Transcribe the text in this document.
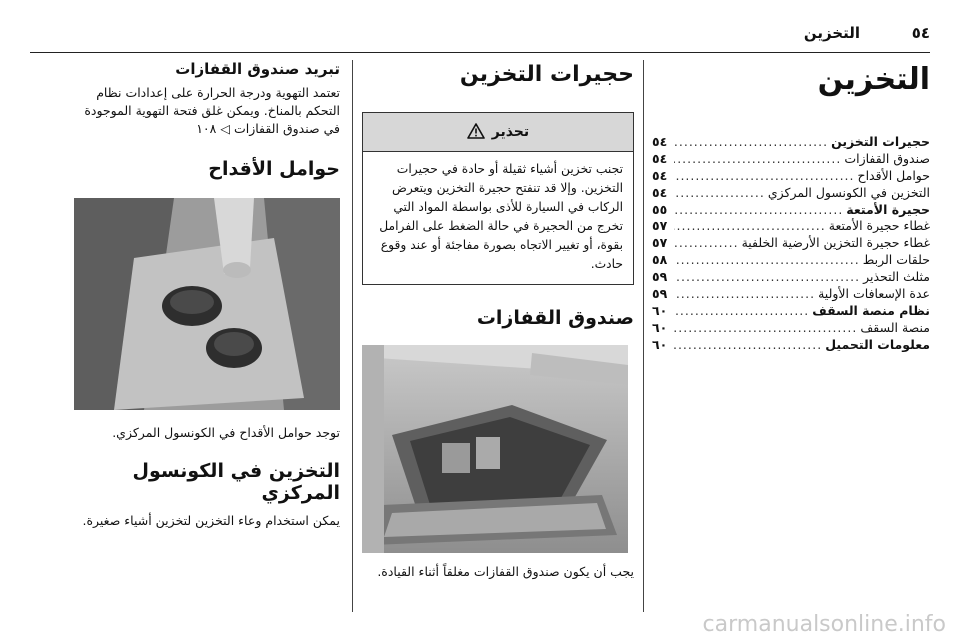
٥٤
التخزين
التخزين
حجيرات التخزين
.....
٥٤
صندوق القفازات
.....
٥٤
حوامل الأقداح
.....
٥٤
التخزين في الكونسول المركزي
.....
٥٤
حجيرة الأمتعة
.....
٥٥
غطاء حجيرة الأمتعة
.....
٥٧
غطاء حجيرة التخزين الأرضية الخلفية
.....
٥٧
حلقات الربط
.....
٥٨
مثلث التحذير
.....
٥٩
عدة الإسعافات الأولية
.....
٥٩
نظام منصة السقف
.....
٦٠
منصة السقف
.....
٦٠
معلومات التحميل
.....
٦٠
حجيرات التخزين
تحذير
تجنب تخزين أشياء ثقيلة أو حادة في حجيرات التخزين. وإلا قد تنفتح حجيرة التخزين ويتعرض الركاب في السيارة للأذى بواسطة المواد التي تخرج من الحجيرة في حالة الضغط على الفرامل بقوة، أو تغيير الاتجاه بصورة مفاجئة أو عند وقوع حادث.
صندوق القفازات

يجب أن يكون صندوق القفازات مغلقاً أثناء القيادة.

تبريد صندوق القفازات

تعتمد التهوية ودرجة الحرارة على إعدادات نظام التحكم بالمناخ. ويمكن غلق فتحة التهوية الموجودة في صندوق القفازات ◁ ١٠٨

حوامل الأقداح

توجد حوامل الأقداح في الكونسول المركزي.

التخزين في الكونسول المركزي

يمكن استخدام وعاء التخزين لتخزين أشياء صغيرة.

carmanualsonline.info
